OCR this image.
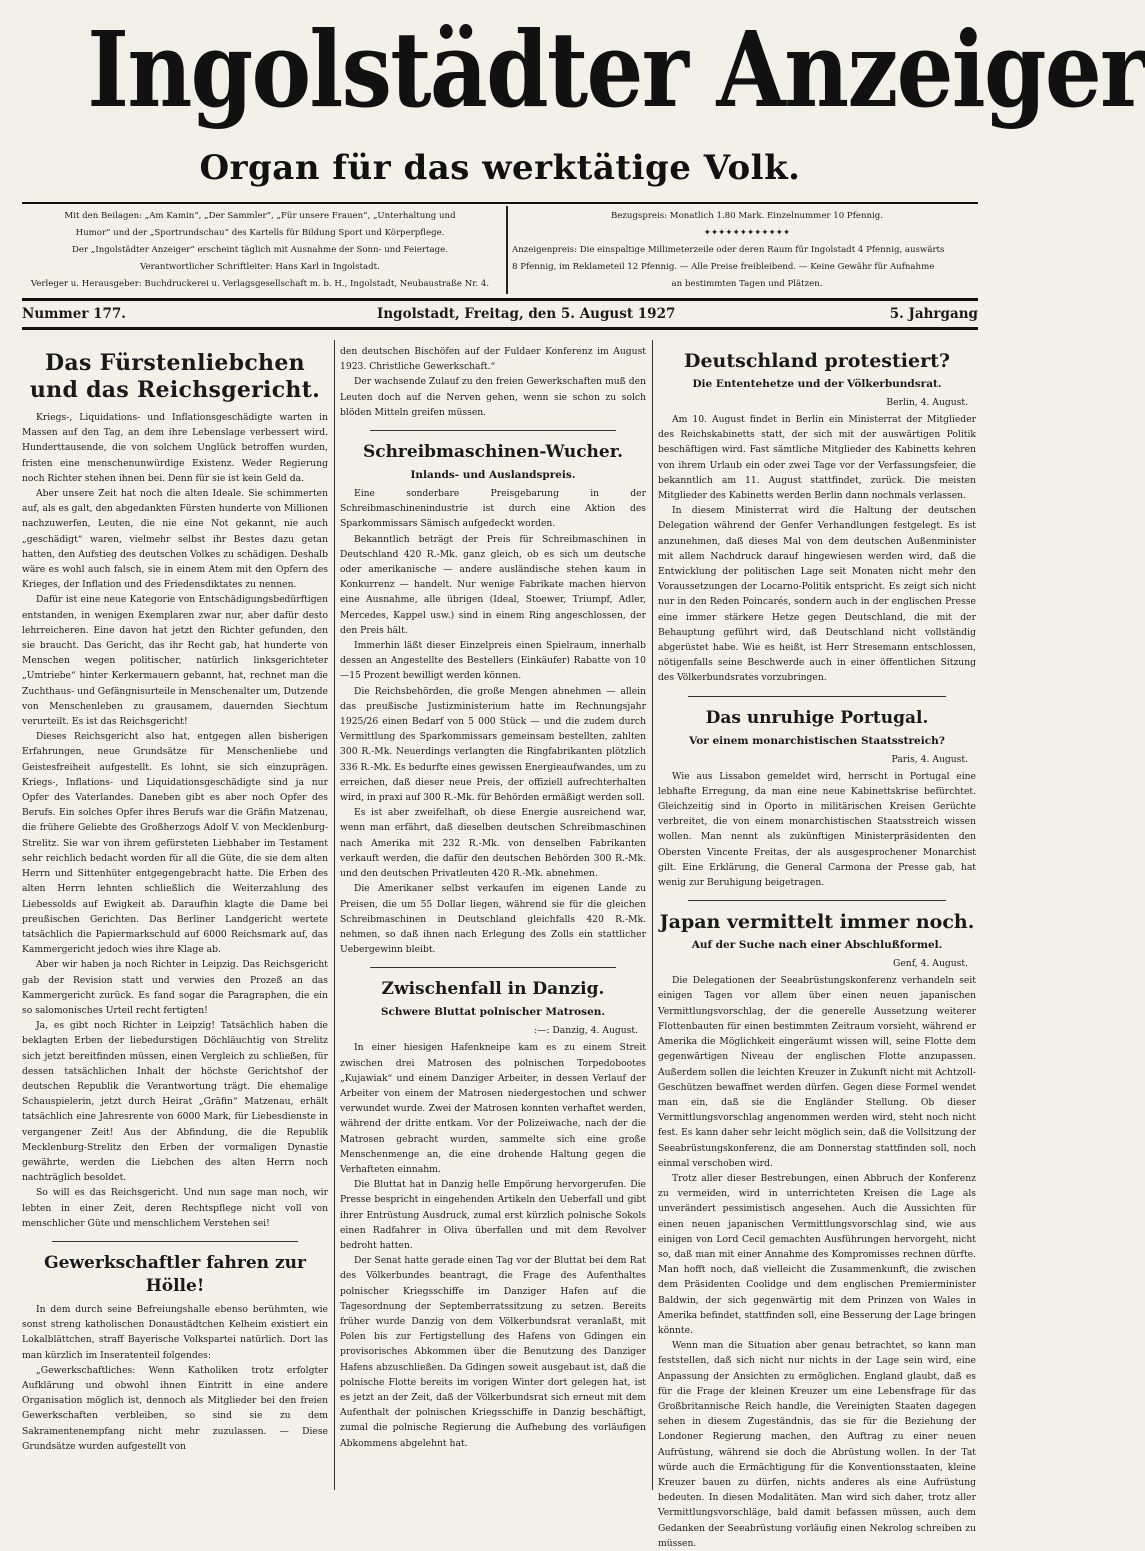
Ingolstädter Anzeiger
Organ für das werktätige Volk.

Mit den Beilagen: „Am Kamin“, „Der Sammler“, „Für unsere Frauen“, „Unterhaltung und

Humor“ und der „Sportrundschau“ des Kartells für Bildung Sport und Körperpflege.

Der „Ingolstädter Anzeiger“ erscheint täglich mit Ausnahme der Sonn- und Feiertage.

Verantwortlicher Schriftleiter: Hans Karl in Ingolstadt.

Verleger u. Herausgeber: Buchdruckerei u. Verlagsgesellschaft m. b. H., Ingolstadt, Neubaustraße Nr. 4.

Bezugspreis: Monatlich 1.80 Mark. Einzelnummer 10 Pfennig.

✦✦✦✦✦✦✦✦✦✦✦✦

Anzeigenpreis: Die einspaltige Millimeterzeile oder deren Raum für Ingolstadt 4 Pfennig, auswärts

8 Pfennig, im Reklameteil 12 Pfennig. — Alle Preise freibleibend. — Keine Gewähr für Aufnahme

an bestimmten Tagen und Plätzen.

Nummer 177.	Ingolstadt, Freitag, den 5. August 1927	5. Jahrgang
Das Fürstenliebchen und das Reichsgericht.

Kriegs-, Liquidations- und Inflationsgeschädigte warten in Massen auf den Tag, an dem ihre Lebenslage verbessert wird. Hunderttausende, die von solchem Unglück betroffen wurden, fristen eine menschenunwürdige Existenz. Weder Regierung noch Richter stehen ihnen bei. Denn für sie ist kein Geld da.

Aber unsere Zeit hat noch die alten Ideale. Sie schimmerten auf, als es galt, den abgedankten Fürsten hunderte von Millionen nachzuwerfen, Leuten, die nie eine Not gekannt, nie auch „geschädigt“ waren, vielmehr selbst ihr Bestes dazu getan hatten, den Aufstieg des deutschen Volkes zu schädigen. Deshalb wäre es wohl auch falsch, sie in einem Atem mit den Opfern des Krieges, der Inflation und des Friedensdiktates zu nennen.

Dafür ist eine neue Kategorie von Entschädigungsbedürftigen entstanden, in wenigen Exemplaren zwar nur, aber dafür desto lehrreicheren. Eine davon hat jetzt den Richter gefunden, den sie braucht. Das Gericht, das ihr Recht gab, hat hunderte von Menschen wegen politischer, natürlich linksgerichteter „Umtriebe“ hinter Kerkermauern gebannt, hat, rechnet man die Zuchthaus- und Gefängnisurteile in Menschenalter um, Dutzende von Menschenleben zu grausamem, dauernden Siechtum verurteilt. Es ist das Reichsgericht!

Dieses Reichsgericht also hat, entgegen allen bisherigen Erfahrungen, neue Grundsätze für Menschenliebe und Geistesfreiheit aufgestellt. Es lohnt, sie sich einzuprägen. Kriegs-, Inflations- und Liquidationsgeschädigte sind ja nur Opfer des Vaterlandes. Daneben gibt es aber noch Opfer des Berufs. Ein solches Opfer ihres Berufs war die Gräfin Matzenau, die frühere Geliebte des Großherzogs Adolf V. von Mecklenburg-Strelitz. Sie war von ihrem gefürsteten Liebhaber im Testament sehr reichlich bedacht worden für all die Güte, die sie dem alten Herrn und Sittenhüter entgegengebracht hatte. Die Erben des alten Herrn lehnten schließlich die Weiterzahlung des Liebessolds auf Ewigkeit ab. Daraufhin klagte die Dame bei preußischen Gerichten. Das Berliner Landgericht wertete tatsächlich die Papiermarkschuld auf 6000 Reichsmark auf, das Kammergericht jedoch wies ihre Klage ab.

Aber wir haben ja noch Richter in Leipzig. Das Reichsgericht gab der Revision statt und verwies den Prozeß an das Kammergericht zurück. Es fand sogar die Paragraphen, die ein so salomonisches Urteil recht fertigten!

Ja, es gibt noch Richter in Leipzig! Tatsächlich haben die beklagten Erben der liebedurstigen Döchläuchtig von Strelitz sich jetzt bereitfinden müssen, einen Vergleich zu schließen, für dessen tatsächlichen Inhalt der höchste Gerichtshof der deutschen Republik die Verantwortung trägt. Die ehemalige Schauspielerin, jetzt durch Heirat „Gräfin“ Matzenau, erhält tatsächlich eine Jahresrente von 6000 Mark, für Liebesdienste in vergangener Zeit! Aus der Abfindung, die die Republik Mecklenburg-Strelitz den Erben der vormaligen Dynastie gewährte, werden die Liebchen des alten Herrn noch nachträglich besoldet.

So will es das Reichsgericht. Und nun sage man noch, wir lebten in einer Zeit, deren Rechtspflege nicht voll von menschlicher Güte und menschlichem Verstehen sei!

Gewerkschaftler fahren zur Hölle!

In dem durch seine Befreiungshalle ebenso berühmten, wie sonst streng katholischen Donaustädtchen Kelheim existiert ein Lokalblättchen, straff Bayerische Volkspartei natürlich. Dort las man kürzlich im Inseratenteil folgendes:

„Gewerkschaftliches: Wenn Katholiken trotz erfolgter Aufklärung und obwohl ihnen Eintritt in eine andere Organisation möglich ist, dennoch als Mitglieder bei den freien Gewerkschaften verbleiben, so sind sie zu dem Sakramentenempfang nicht mehr zuzulassen. — Diese Grundsätze wurden aufgestellt von

den deutschen Bischöfen auf der Fuldaer Konferenz im August 1923. Christliche Gewerkschaft.“

Der wachsende Zulauf zu den freien Gewerkschaften muß den Leuten doch auf die Nerven gehen, wenn sie schon zu solch blöden Mitteln greifen müssen.

Schreibmaschinen-Wucher.
Inlands- und Auslandspreis.

Eine sonderbare Preisgebarung in der Schreibmaschinenindustrie ist durch eine Aktion des Sparkommissars Sämisch aufgedeckt worden.

Bekanntlich beträgt der Preis für Schreibmaschinen in Deutschland 420 R.-Mk. ganz gleich, ob es sich um deutsche oder amerikanische — andere ausländische stehen kaum in Konkurrenz — handelt. Nur wenige Fabrikate machen hiervon eine Ausnahme, alle übrigen (Ideal, Stoewer, Triumpf, Adler, Mercedes, Kappel usw.) sind in einem Ring angeschlossen, der den Preis hält.

Immerhin läßt dieser Einzelpreis einen Spielraum, innerhalb dessen an Angestellte des Bestellers (Einkäufer) Rabatte von 10—15 Prozent bewilligt werden können.

Die Reichsbehörden, die große Mengen abnehmen — allein das preußische Justizministerium hatte im Rechnungsjahr 1925/26 einen Bedarf von 5 000 Stück — und die zudem durch Vermittlung des Sparkommissars gemeinsam bestellten, zahlten 300 R.-Mk. Neuerdings verlangten die Ringfabrikanten plötzlich 336 R.-Mk. Es bedurfte eines gewissen Energieaufwandes, um zu erreichen, daß dieser neue Preis, der offiziell aufrechterhalten wird, in praxi auf 300 R.-Mk. für Behörden ermäßigt werden soll.

Es ist aber zweifelhaft, ob diese Energie ausreichend war, wenn man erfährt, daß dieselben deutschen Schreibmaschinen nach Amerika mit 232 R.-Mk. von denselben Fabrikanten verkauft werden, die dafür den deutschen Behörden 300 R.-Mk. und den deutschen Privatleuten 420 R.-Mk. abnehmen.

Die Amerikaner selbst verkaufen im eigenen Lande zu Preisen, die um 55 Dollar liegen, während sie für die gleichen Schreibmaschinen in Deutschland gleichfalls 420 R.-Mk. nehmen, so daß ihnen nach Erlegung des Zolls ein stattlicher Uebergewinn bleibt.

Zwischenfall in Danzig.
Schwere Bluttat polnischer Matrosen.
:—: Danzig, 4. August.

In einer hiesigen Hafenkneipe kam es zu einem Streit zwischen drei Matrosen des polnischen Torpedobootes „Kujawiak“ und einem Danziger Arbeiter, in dessen Verlauf der Arbeiter von einem der Matrosen niedergestochen und schwer verwundet wurde. Zwei der Matrosen konnten verhaftet werden, während der dritte entkam. Vor der Polizeiwache, nach der die Matrosen gebracht wurden, sammelte sich eine große Menschenmenge an, die eine drohende Haltung gegen die Verhafteten einnahm.

Die Bluttat hat in Danzig helle Empörung hervorgerufen. Die Presse bespricht in eingehenden Artikeln den Ueberfall und gibt ihrer Entrüstung Ausdruck, zumal erst kürzlich polnische Sokols einen Radfahrer in Oliva überfallen und mit dem Revolver bedroht hatten.

Der Senat hatte gerade einen Tag vor der Bluttat bei dem Rat des Völkerbundes beantragt, die Frage des Aufenthaltes polnischer Kriegsschiffe im Danziger Hafen auf die Tagesordnung der Septemberratssitzung zu setzen. Bereits früher wurde Danzig von dem Völkerbundsrat veranlaßt, mit Polen bis zur Fertigstellung des Hafens von Gdingen ein provisorisches Abkommen über die Benutzung des Danziger Hafens abzuschließen. Da Gdingen soweit ausgebaut ist, daß die polnische Flotte bereits im vorigen Winter dort gelegen hat, ist es jetzt an der Zeit, daß der Völkerbundsrat sich erneut mit dem Aufenthalt der polnischen Kriegsschiffe in Danzig beschäftigt, zumal die polnische Regierung die Aufhebung des vorläufigen Abkommens abgelehnt hat.

Deutschland protestiert?
Die Ententehetze und der Völkerbundsrat.
Berlin, 4. August.

Am 10. August findet in Berlin ein Ministerrat der Mitglieder des Reichskabinetts statt, der sich mit der auswärtigen Politik beschäftigen wird. Fast sämtliche Mitglieder des Kabinetts kehren von ihrem Urlaub ein oder zwei Tage vor der Verfassungsfeier, die bekanntlich am 11. August stattfindet, zurück. Die meisten Mitglieder des Kabinetts werden Berlin dann nochmals verlassen.

In diesem Ministerrat wird die Haltung der deutschen Delegation während der Genfer Verhandlungen festgelegt. Es ist anzunehmen, daß dieses Mal von dem deutschen Außenminister mit allem Nachdruck darauf hingewiesen werden wird, daß die Entwicklung der politischen Lage seit Monaten nicht mehr den Voraussetzungen der Locarno-Politik entspricht. Es zeigt sich nicht nur in den Reden Poincarés, sondern auch in der englischen Presse eine immer stärkere Hetze gegen Deutschland, die mit der Behauptung geführt wird, daß Deutschland nicht vollständig abgerüstet habe. Wie es heißt, ist Herr Stresemann entschlossen, nötigenfalls seine Beschwerde auch in einer öffentlichen Sitzung des Völkerbundsrates vorzubringen.

Das unruhige Portugal.
Vor einem monarchistischen Staatsstreich?
Paris, 4. August.

Wie aus Lissabon gemeldet wird, herrscht in Portugal eine lebhafte Erregung, da man eine neue Kabinettskrise befürchtet. Gleichzeitig sind in Oporto in militärischen Kreisen Gerüchte verbreitet, die von einem monarchistischen Staatsstreich wissen wollen. Man nennt als zukünftigen Ministerpräsidenten den Obersten Vincente Freitas, der als ausgesprochener Monarchist gilt. Eine Erklärung, die General Carmona der Presse gab, hat wenig zur Beruhigung beigetragen.

Japan vermittelt immer noch.
Auf der Suche nach einer Abschlußformel.
Genf, 4. August.

Die Delegationen der Seeabrüstungskonferenz verhandeln seit einigen Tagen vor allem über einen neuen japanischen Vermittlungsvorschlag, der die generelle Aussetzung weiterer Flottenbauten für einen bestimmten Zeitraum vorsieht, während er Amerika die Möglichkeit eingeräumt wissen will, seine Flotte dem gegenwärtigen Niveau der englischen Flotte anzupassen. Außerdem sollen die leichten Kreuzer in Zukunft nicht mit Achtzoll-Geschützen bewaffnet werden dürfen. Gegen diese Formel wendet man ein, daß sie die Engländer Stellung. Ob dieser Vermittlungsvorschlag angenommen werden wird, steht noch nicht fest. Es kann daher sehr leicht möglich sein, daß die Vollsitzung der Seeabrüstungskonferenz, die am Donnerstag stattfinden soll, noch einmal verschoben wird.

Trotz aller dieser Bestrebungen, einen Abbruch der Konferenz zu vermeiden, wird in unterrichteten Kreisen die Lage als unverändert pessimistisch angesehen. Auch die Aussichten für einen neuen japanischen Vermittlungsvorschlag sind, wie aus einigen von Lord Cecil gemachten Ausführungen hervorgeht, nicht so, daß man mit einer Annahme des Kompromisses rechnen dürfte. Man hofft noch, daß vielleicht die Zusammenkunft, die zwischen dem Präsidenten Coolidge und dem englischen Premierminister Baldwin, der sich gegenwärtig mit dem Prinzen von Wales in Amerika befindet, stattfinden soll, eine Besserung der Lage bringen könnte.

Wenn man die Situation aber genau betrachtet, so kann man feststellen, daß sich nicht nur nichts in der Lage sein wird, eine Anpassung der Ansichten zu ermöglichen. England glaubt, daß es für die Frage der kleinen Kreuzer um eine Lebensfrage für das Großbritannische Reich handle, die Vereinigten Staaten dagegen sehen in diesem Zugeständnis, das sie für die Beziehung der Londoner Regierung machen, den Auftrag zu einer neuen Aufrüstung, während sie doch die Abrüstung wollen. In der Tat würde auch die Ermächtigung für die Konventionsstaaten, kleine Kreuzer bauen zu dürfen, nichts anderes als eine Aufrüstung bedeuten. In diesen Modalitäten. Man wird sich daher, trotz aller Vermittlungsvorschläge, bald damit befassen müssen, auch dem Gedanken der Seeabrüstung vorläufig einen Nekrolog schreiben zu müssen.
